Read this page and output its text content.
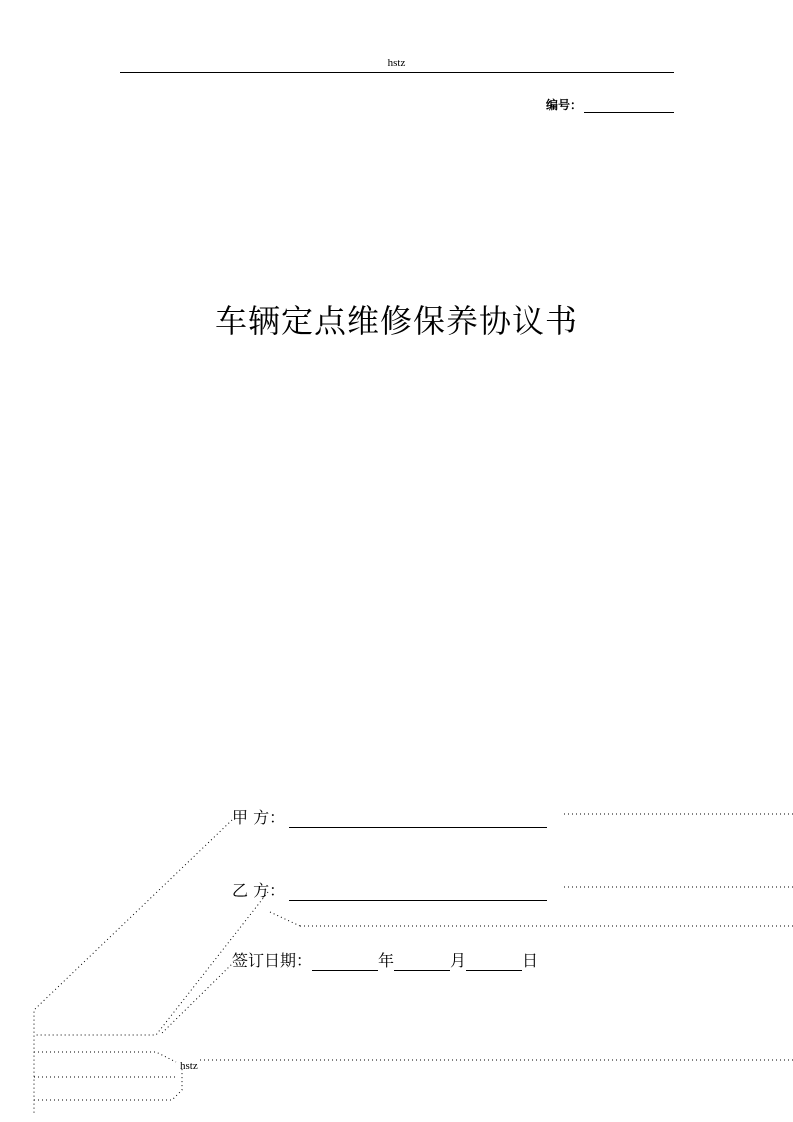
hstz
编号：
车辆定点维修保养协议书
甲 方：
乙 方：
签订日期：	年	月	日
hstz
